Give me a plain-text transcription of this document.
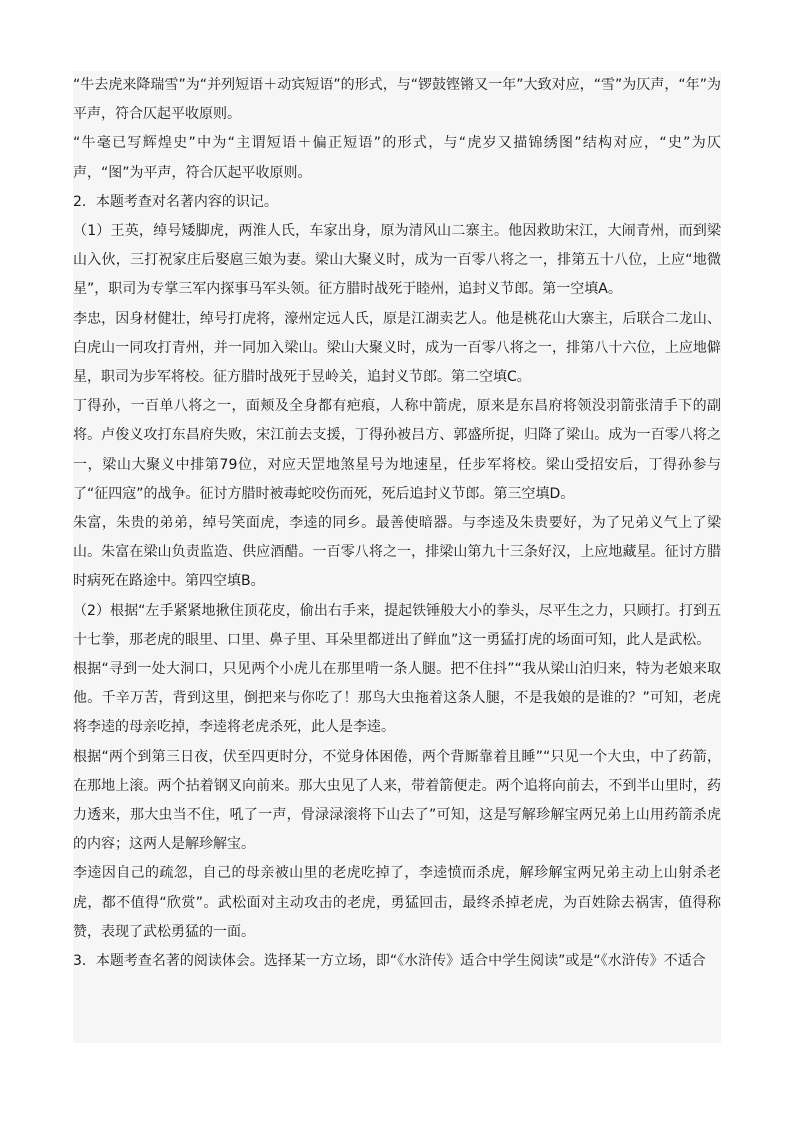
“牛去虎来降瑞雪”为“并列短语＋动宾短语”的形式，与“锣鼓铿锵又一年”大致对应，“雪”为仄声，“年”为平声，符合仄起平收原则。

“牛毫已写辉煌史”中为“主谓短语＋偏正短语”的形式，与“虎岁又描锦绣图”结构对应，“史”为仄声，“图”为平声，符合仄起平收原则。

2．本题考查对名著内容的识记。

（1）王英，绰号矮脚虎，两淮人氏，车家出身，原为清风山二寨主。他因救助宋江，大闹青州，而到梁山入伙，三打祝家庄后娶扈三娘为妻。梁山大聚义时，成为一百零八将之一，排第五十八位，上应“地微星”，职司为专掌三军内探事马军头领。征方腊时战死于睦州，追封义节郎。第一空填A。

李忠，因身材健壮，绰号打虎将，濠州定远人氏，原是江湖卖艺人。他是桃花山大寨主，后联合二龙山、白虎山一同攻打青州，并一同加入梁山。梁山大聚义时，成为一百零八将之一，排第八十六位，上应地僻星，职司为步军将校。征方腊时战死于昱岭关，追封义节郎。第二空填C。

丁得孙，一百单八将之一，面颊及全身都有疤痕，人称中箭虎，原来是东昌府将领没羽箭张清手下的副将。卢俊义攻打东昌府失败，宋江前去支援，丁得孙被吕方、郭盛所捉，归降了梁山。成为一百零八将之一，梁山大聚义中排第79位，对应天罡地煞星号为地速星，任步军将校。梁山受招安后，丁得孙参与了“征四寇”的战争。征讨方腊时被毒蛇咬伤而死，死后追封义节郎。第三空填D。

朱富，朱贵的弟弟，绰号笑面虎，李逵的同乡。最善使暗器。与李逵及朱贵要好，为了兄弟义气上了梁山。朱富在梁山负责监造、供应酒醋。一百零八将之一，排梁山第九十三条好汉，上应地藏星。征讨方腊时病死在路途中。第四空填B。

（2）根据“左手紧紧地揪住顶花皮，偷出右手来，提起铁锤般大小的拳头，尽平生之力，只顾打。打到五十七拳，那老虎的眼里、口里、鼻子里、耳朵里都迸出了鲜血”这一勇猛打虎的场面可知，此人是武松。

根据“寻到一处大洞口，只见两个小虎儿在那里啃一条人腿。把不住抖”“我从梁山泊归来，特为老娘来取他。千辛万苦，背到这里，倒把来与你吃了！那鸟大虫拖着这条人腿，不是我娘的是谁的？”可知，老虎将李逵的母亲吃掉，李逵将老虎杀死，此人是李逵。

根据“两个到第三日夜，伏至四更时分，不觉身体困倦，两个背厮靠着且睡”“只见一个大虫，中了药箭，在那地上滚。两个拈着钢叉向前来。那大虫见了人来，带着箭便走。两个追将向前去，不到半山里时，药力透来，那大虫当不住，吼了一声，骨渌渌滚将下山去了”可知，这是写解珍解宝两兄弟上山用药箭杀虎的内容；这两人是解珍解宝。

李逵因自己的疏忽，自己的母亲被山里的老虎吃掉了，李逵愤而杀虎，解珍解宝两兄弟主动上山射杀老虎，都不值得“欣赏”。武松面对主动攻击的老虎，勇猛回击，最终杀掉老虎，为百姓除去祸害，值得称赞，表现了武松勇猛的一面。

3．本题考查名著的阅读体会。选择某一方立场，即“《水浒传》适合中学生阅读”或是“《水浒传》不适合
